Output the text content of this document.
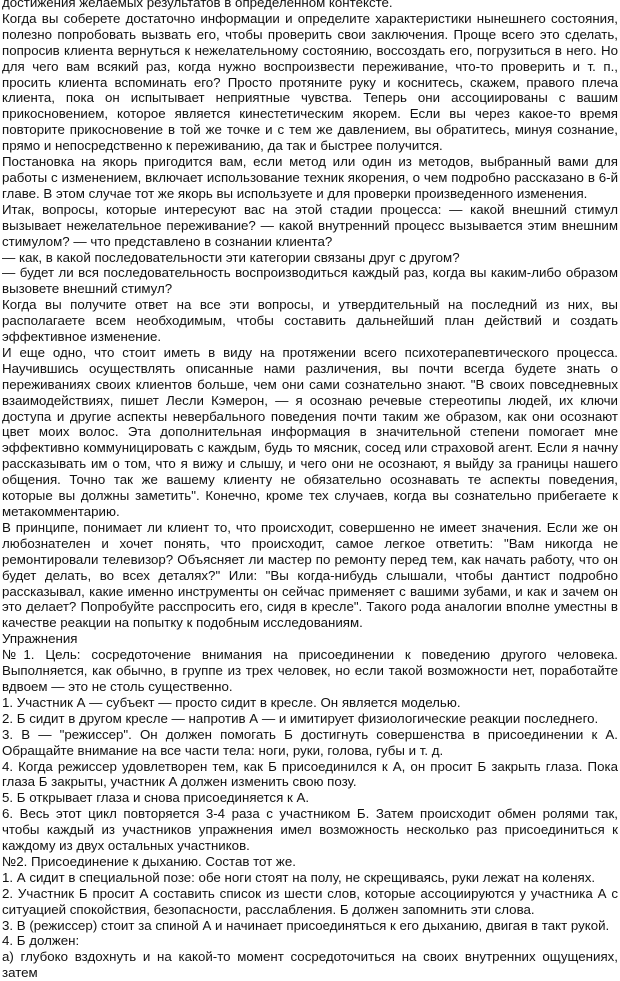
достижения желаемых результатов в определенном контексте.

Когда вы соберете достаточно информации и определите характеристики нынешнего состояния, полезно попробовать вызвать его, чтобы проверить свои заключения. Проще всего это сделать, попросив клиента вернуться к нежелательному состоянию, воссоздать его, погрузиться в него. Но для чего вам всякий раз, когда нужно воспроизвести переживание, что-то проверить и т. п., просить клиента вспоминать его? Просто протяните руку и коснитесь, скажем, правого плеча клиента, пока он испытывает неприятные чувства. Теперь они ассоциированы с вашим прикосновением, которое является кинестетическим якорем. Если вы через какое-то время повторите прикосновение в той же точке и с тем же давлением, вы обратитесь, минуя сознание, прямо и непосредственно к переживанию, да так и быстрее получится.

Постановка на якорь пригодится вам, если метод или один из методов, выбранный вами для работы с изменением, включает использование техник якорения, о чем подробно рассказано в 6-й главе. В этом случае тот же якорь вы используете и для проверки произведенного изменения.

Итак, вопросы, которые интересуют вас на этой стадии процесса: — какой внешний стимул вызывает нежелательное переживание? — какой внутренний процесс вызывается этим внешним стимулом? — что представлено в сознании клиента?

— как, в какой последовательности эти категории связаны друг с другом?

— будет ли вся последовательность воспроизводиться каждый раз, когда вы каким-либо образом вызовете внешний стимул?

Когда вы получите ответ на все эти вопросы, и утвердительный на последний из них, вы располагаете всем необходимым, чтобы составить дальнейший план действий и создать эффективное изменение.

И еще одно, что стоит иметь в виду на протяжении всего психотерапевтического процесса. Научившись осуществлять описанные нами различения, вы почти всегда будете знать о переживаниях своих клиентов больше, чем они сами сознательно знают. "В своих повседневных взаимодействиях, пишет Лесли Кэмерон, — я осознаю речевые стереотипы людей, их ключи доступа и другие аспекты невербального поведения почти таким же образом, как они осознают цвет моих волос. Эта дополнительная информация в значительной степени помогает мне эффективно коммуницировать с каждым, будь то мясник, сосед или страховой агент. Если я начну рассказывать им о том, что я вижу и слышу, и чего они не осознают, я выйду за границы нашего общения. Точно так же вашему клиенту не обязательно осознавать те аспекты поведения, которые вы должны заметить". Конечно, кроме тех случаев, когда вы сознательно прибегаете к метакомментарию.

В принципе, понимает ли клиент то, что происходит, совершенно не имеет значения. Если же он любознателен и хочет понять, что происходит, самое легкое ответить: "Вам никогда не ремонтировали телевизор? Объясняет ли мастер по ремонту перед тем, как начать работу, что он будет делать, во всех деталях?" Или: "Вы когда-нибудь слышали, чтобы дантист подробно рассказывал, какие именно инструменты он сейчас применяет с вашими зубами, и как и зачем он это делает? Попробуйте расспросить его, сидя в кресле". Такого рода аналогии вполне уместны в качестве реакции на попытку к подобным исследованиям.

Упражнения

№1. Цель: сосредоточение внимания на присоединении к поведению другого человека. Выполняется, как обычно, в группе из трех человек, но если такой возможности нет, поработайте вдвоем — это не столь существенно.

1. Участник А — субъект — просто сидит в кресле. Он является моделью.

2. Б сидит в другом кресле — напротив А — и имитирует физиологические реакции последнего.

3. В — "режиссер". Он должен помогать Б достигнуть совершенства в присоединении к А. Обращайте внимание на все части тела: ноги, руки, голова, губы и т. д.

4. Когда режиссер удовлетворен тем, как Б присоединился к А, он просит Б закрыть глаза. Пока глаза Б закрыты, участник А должен изменить свою позу.

5. Б открывает глаза и снова присоединяется к А.

6. Весь этот цикл повторяется 3-4 раза с участником Б. Затем происходит обмен ролями так, чтобы каждый из участников упражнения имел возможность несколько раз присоединиться к каждому из двух остальных участников.

№2. Присоединение к дыханию. Состав тот же.

1. А сидит в специальной позе: обе ноги стоят на полу, не скрещиваясь, руки лежат на коленях.

2. Участник Б просит А составить список из шести слов, которые ассоциируются у участника А с ситуацией спокойствия, безопасности, расслабления. Б должен запомнить эти слова.

3. В (режиссер) стоит за спиной А и начинает присоединяться к его дыханию, двигая в такт рукой.

4. Б должен:

а) глубоко вздохнуть и на какой-то момент сосредоточиться на своих внутренних ощущениях, затем
